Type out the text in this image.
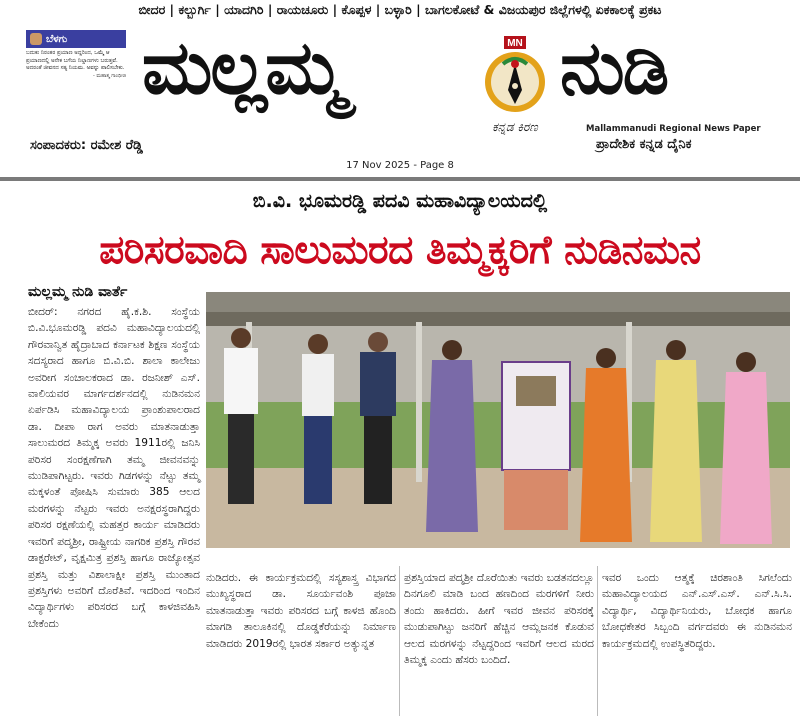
ಬೀದರ | ಕಲ್ಬುರ್ಗಿ | ಯಾದಗಿರಿ | ರಾಯಚೂರು | ಕೊಪ್ಪಳ | ಬಳ್ಳಾರಿ | ಬಾಗಲಕೋಟೆ & ವಿಜಯಪುರ ಜಿಲ್ಲೆಗಳಲ್ಲಿ ಏಕಕಾಲಕ್ಕೆ ಪ್ರಕಟ
ಬೆಳಗು
ಬದುಕು ನಿರಂತರ ಪ್ರಯಾಣ ಅದ್ದರಿಂದ, ಒಮ್ಮೆ ಆ ಪ್ರಯಾಣದಲ್ಲಿ ಅನೇಕ ಬಗೆಯ ನಿಲ್ದಾಣಗಳು ಬರುತ್ತವೆ. ಅದರಂತೆ ಜೀವನದ ಸತ್ಯ ನಿಯಮ. ಅವನ್ನು ಪಾಲಿಸಬೇಕು.
- ಮಹಾತ್ಮ ಗಾಂಧೀಜಿ ಮಲ್ಲಮ್ಮ	MN
ಕನ್ನಡ ಕಿರಣ
ನುಡಿ
Mallammanudi Regional News Paper
ಪ್ರಾದೇಶಿಕ ಕನ್ನಡ ದೈನಿಕ
ಸಂಪಾದಕರು: ರಮೇಶ ರೆಡ್ಡಿ
17 Nov 2025 - Page 8
ಬಿ.ವಿ. ಭೂಮರಡ್ಡಿ ಪದವಿ ಮಹಾವಿದ್ಯಾಲಯದಲ್ಲಿ
ಪರಿಸರವಾದಿ ಸಾಲುಮರದ ತಿಮ್ಮಕ್ಕರಿಗೆ ನುಡಿನಮನ
ಮಲ್ಲಮ್ಮ ನುಡಿ ವಾರ್ತೆ

ಬೀದರ್: ನಗರದ ಹೈ.ಕ.ಶಿ. ಸಂಸ್ಥೆಯ ಬಿ.ವಿ.ಭೂಮರಡ್ಡಿ ಪದವಿ ಮಹಾವಿದ್ಯಾಲಯದಲ್ಲಿ ಗೌರವಾನ್ವಿತ ಹೈದ್ರಾಬಾದ ಕರ್ನಾಟಕ ಶಿಕ್ಷಣ ಸಂಸ್ಥೆಯ ಸದಸ್ಯರಾದ ಹಾಗೂ ಬಿ.ವಿ.ಬಿ. ಶಾಲಾ ಕಾಲೇಜು ಅವರೀಗ ಸಂಚಾಲಕರಾದ ಡಾ. ರಜನೀಶ್ ಎಸ್. ವಾಲಿಯವರ ಮಾರ್ಗದರ್ಶನದಲ್ಲಿ ನುಡಿನಮನ ಏರ್ಪಡಿಸಿ ಮಹಾವಿದ್ಯಾಲಯ ಪ್ರಾಂಶುಪಾಲರಾದ ಡಾ. ದೀಪಾ ರಾಗ ಅವರು ಮಾತನಾಡುತ್ತಾ ಸಾಲುಮರದ ತಿಮ್ಮಕ್ಕ ಅವರು 1911ರಲ್ಲಿ ಜನಿಸಿ ಪರಿಸರ ಸಂರಕ್ಷಣೆಗಾಗಿ ತಮ್ಮ ಜೀವನವನ್ನು ಮುಡಿಪಾಗಿಟ್ಟರು. ಇವರು ಗಿಡಗಳನ್ನು ನೆಟ್ಟು ತಮ್ಮ ಮಕ್ಕಳಂತೆ ಪೋಷಿಸಿ ಸುಮಾರು 385 ಆಲದ ಮರಗಳನ್ನು ನೆಟ್ಟರು ಇವರು ಅನಕ್ಷರಸ್ಥರಾಗಿದ್ದರು ಪರಿಸರ ರಕ್ಷಣೆಯಲ್ಲಿ ಮಹತ್ತರ ಕಾರ್ಯ ಮಾಡಿದರು ಇವರಿಗೆ ಪದ್ಮಶ್ರೀ, ರಾಷ್ಟ್ರೀಯ ನಾಗರಿಕ ಪ್ರಶಸ್ತಿ ಗೌರವ ಡಾಕ್ಟರೇಟ್, ವೃಕ್ಷಮಿತ್ರ ಪ್ರಶಸ್ತಿ ಹಾಗೂ ರಾಜ್ಯೋತ್ಸವ ಪ್ರಶಸ್ತಿ ಮತ್ತು ವಿಶಾಲಾಕ್ಷೀ ಪ್ರಶಸ್ತಿ ಮುಂತಾದ ಪ್ರಶಸ್ತಿಗಳು ಅವರಿಗೆ ದೊರೆತಿವೆ. ಇದರಿಂದ ಇಂದಿನ ವಿದ್ಯಾರ್ಥಿಗಳು ಪರಿಸರದ ಬಗ್ಗೆ ಕಾಳಜಿವಹಿಸಿ ಬೇಕೆಂದು

ನುಡಿದರು. ಈ ಕಾರ್ಯಕ್ರಮದಲ್ಲಿ ಸಸ್ಯಶಾಸ್ತ್ರ ವಿಭಾಗದ ಮುಖ್ಯಸ್ಥರಾದ ಡಾ. ಸೂರ್ಯವಂಶಿ ಪೂಜಾ ಮಾತನಾಡುತ್ತಾ ಇವರು ಪರಿಸರದ ಬಗ್ಗೆ ಕಾಳಜಿ ಹೊಂದಿ ಮಾಗಡಿ ತಾಲೂಕಿನಲ್ಲಿ ದೊಡ್ಡಕೆರೆಯನ್ನು ನಿರ್ಮಾಣ ಮಾಡಿದರು 2019ರಲ್ಲಿ ಭಾರತ ಸರ್ಕಾರ ಅತ್ಯುನ್ನತ

ಪ್ರಶಸ್ತಿಯಾದ ಪದ್ಮಶ್ರೀ ದೊರೆಯಿತು ಇವರು ಬಡತನದಲ್ಲೂ ದಿನಗೂಲಿ ಮಾಡಿ ಬಂದ ಹಣದಿಂದ ಮರಗಳಿಗೆ ನೀರು ತಂದು ಹಾಕಿದರು. ಹೀಗೆ ಇವರ ಜೀವನ ಪರಿಸರಕ್ಕೆ ಮುಡುಪಾಗಿಟ್ಟು ಜನರಿಗೆ ಹೆಚ್ಚಿನ ಆಮ್ಲಜನಕ ಕೊಡುವ ಆಲದ ಮರಗಳನ್ನು ನೆಟ್ಟದ್ದರಿಂದ ಇವರಿಗೆ ಆಲದ ಮರದ ತಿಮ್ಮಕ್ಕ ಎಂದು ಹೆಸರು ಬಂದಿದೆ.

ಇವರ ಒಂದು ಆತ್ಮಕ್ಕೆ ಚಿರಶಾಂತಿ ಸಿಗಲೆಂದು ಮಹಾವಿದ್ಯಾಲಯದ ಎನ್.ಎಸ್.ಎಸ್. ಎನ್.ಸಿ.ಸಿ. ವಿದ್ಯಾರ್ಥಿ, ವಿದ್ಯಾರ್ಥಿನಿಯರು, ಬೋಧಕ ಹಾಗೂ ಬೋಧಕೇತರ ಸಿಬ್ಬಂದಿ ವರ್ಗದವರು ಈ ನುಡಿನಮನ ಕಾರ್ಯಕ್ರಮದಲ್ಲಿ ಉಪಸ್ಥಿತರಿದ್ದರು.
